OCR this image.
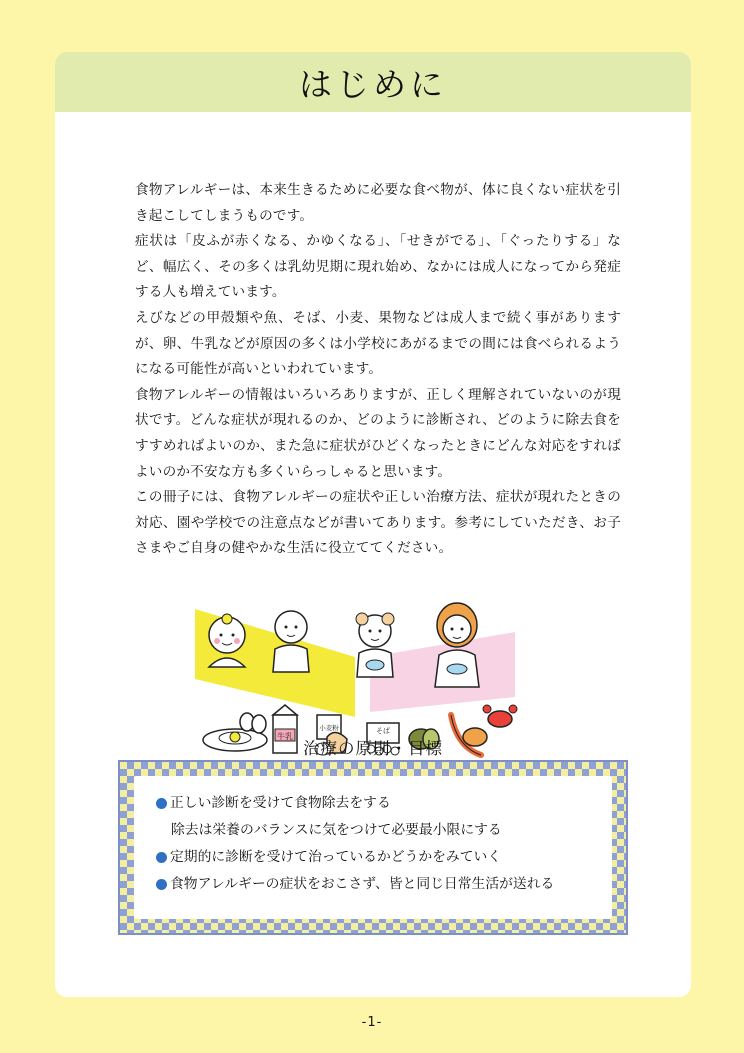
はじめに

食物アレルギーは、本来生きるために必要な食べ物が、体に良くない症状を引き起こしてしまうものです。

症状は「皮ふが赤くなる、かゆくなる」、「せきがでる」、「ぐったりする」など、幅広く、その多くは乳幼児期に現れ始め、なかには成人になってから発症する人も増えています。

えびなどの甲殻類や魚、そば、小麦、果物などは成人まで続く事がありますが、卵、牛乳などが原因の多くは小学校にあがるまでの間には食べられるようになる可能性が高いといわれています。

食物アレルギーの情報はいろいろありますが、正しく理解されていないのが現状です。どんな症状が現れるのか、どのように診断され、どのように除去食をすすめればよいのか、また急に症状がひどくなったときにどんな対応をすればよいのか不安な方も多くいらっしゃると思います。

この冊子には、食物アレルギーの症状や正しい治療方法、症状が現れたときの対応、園や学校での注意点などが書いてあります。参考にしていただき、お子さまやご自身の健やかな生活に役立ててください。

牛乳
小麦粉	そば
治療の原則・目標
正しい診断を受けて食物除去をする
除去は栄養のバランスに気をつけて必要最小限にする
定期的に診断を受けて治っているかどうかをみていく
食物アレルギーの症状をおこさず、皆と同じ日常生活が送れる
-1-
